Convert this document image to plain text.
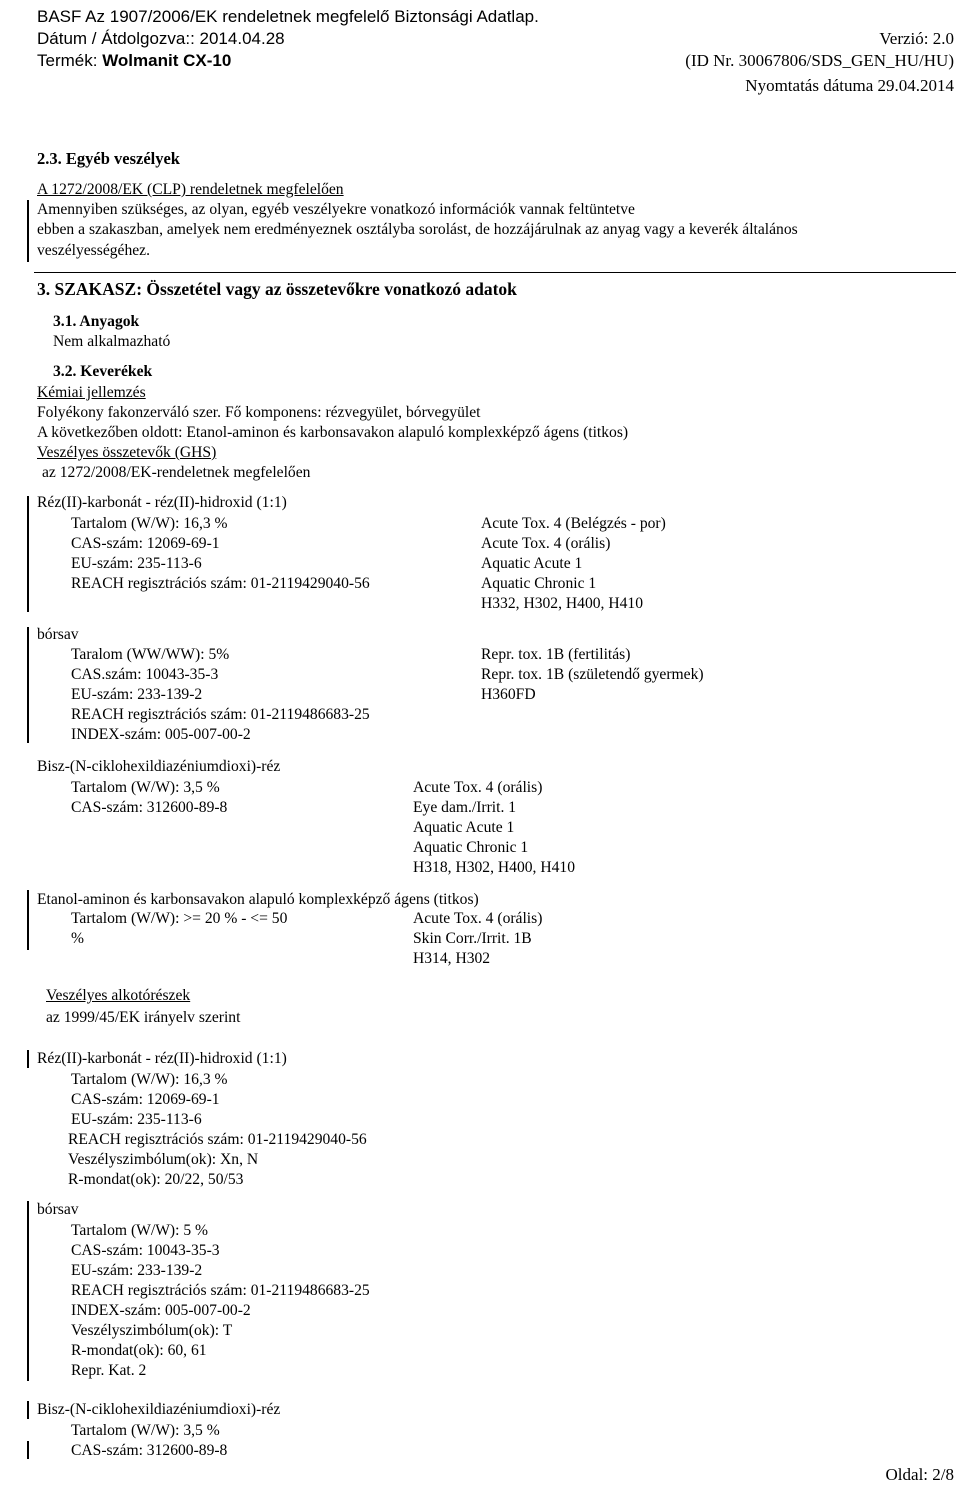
BASF Az 1907/2006/EK rendeletnek megfelelő Biztonsági Adatlap.
Dátum / Átdolgozva:: 2014.04.28	Verzió: 2.0
Termék: Wolmanit CX-10	(ID Nr. 30067806/SDS_GEN_HU/HU)
Nyomtatás dátuma 29.04.2014
2.3. Egyéb veszélyek
A 1272/2008/EK (CLP) rendeletnek megfelelően
Amennyiben szükséges, az olyan, egyéb veszélyekre vonatkozó információk vannak feltüntetve
ebben a szakaszban, amelyek nem eredményeznek osztályba sorolást, de hozzájárulnak az anyag vagy a keverék általános
veszélyességéhez.
3. SZAKASZ: Összetétel vagy az összetevőkre vonatkozó adatok
3.1. Anyagok
Nem alkalmazható
3.2. Keverékek
Kémiai jellemzés
Folyékony fakonzerváló szer. Fő komponens: rézvegyület, bórvegyület
A következőben oldott: Etanol-aminon és karbonsavakon alapuló komplexképző ágens (titkos)
Veszélyes összetevők (GHS)
az 1272/2008/EK-rendeletnek megfelelően
Réz(II)-karbonát - réz(II)-hidroxid (1:1)
Tartalom (W/W): 16,3 %
CAS-szám: 12069-69-1
EU-szám: 235-113-6
REACH regisztrációs szám: 01-2119429040-56
Acute Tox. 4 (Belégzés - por)
Acute Tox. 4 (orális)
Aquatic Acute 1
Aquatic Chronic 1
H332, H302, H400, H410
bórsav
Taralom (WW/WW): 5%
CAS.szám: 10043-35-3
EU-szám: 233-139-2
REACH regisztrációs szám: 01-2119486683-25
INDEX-szám: 005-007-00-2
Repr. tox. 1B (fertilitás)
Repr. tox. 1B (születendő gyermek)
H360FD
Bisz-(N-ciklohexildiazéniumdioxi)-réz
Tartalom (W/W): 3,5 %
CAS-szám: 312600-89-8
Acute Tox. 4 (orális)
Eye dam./Irrit. 1
Aquatic Acute 1
Aquatic Chronic 1
H318, H302, H400, H410
Etanol-aminon és karbonsavakon alapuló komplexképző ágens (titkos)
Tartalom (W/W): >= 20 % - <= 50
%
Acute Tox. 4 (orális)
Skin Corr./Irrit. 1B
H314, H302
Veszélyes alkotórészek
az 1999/45/EK irányelv szerint
Réz(II)-karbonát - réz(II)-hidroxid (1:1)
Tartalom (W/W): 16,3 %
CAS-szám: 12069-69-1
EU-szám: 235-113-6
REACH regisztrációs szám: 01-2119429040-56
Veszélyszimbólum(ok): Xn, N
R-mondat(ok): 20/22, 50/53
bórsav
Tartalom (W/W): 5 %
CAS-szám: 10043-35-3
EU-szám: 233-139-2
REACH regisztrációs szám: 01-2119486683-25
INDEX-szám: 005-007-00-2
Veszélyszimbólum(ok): T
R-mondat(ok): 60, 61
Repr. Kat. 2
Bisz-(N-ciklohexildiazéniumdioxi)-réz
Tartalom (W/W): 3,5 %
CAS-szám: 312600-89-8
Oldal: 2/8
